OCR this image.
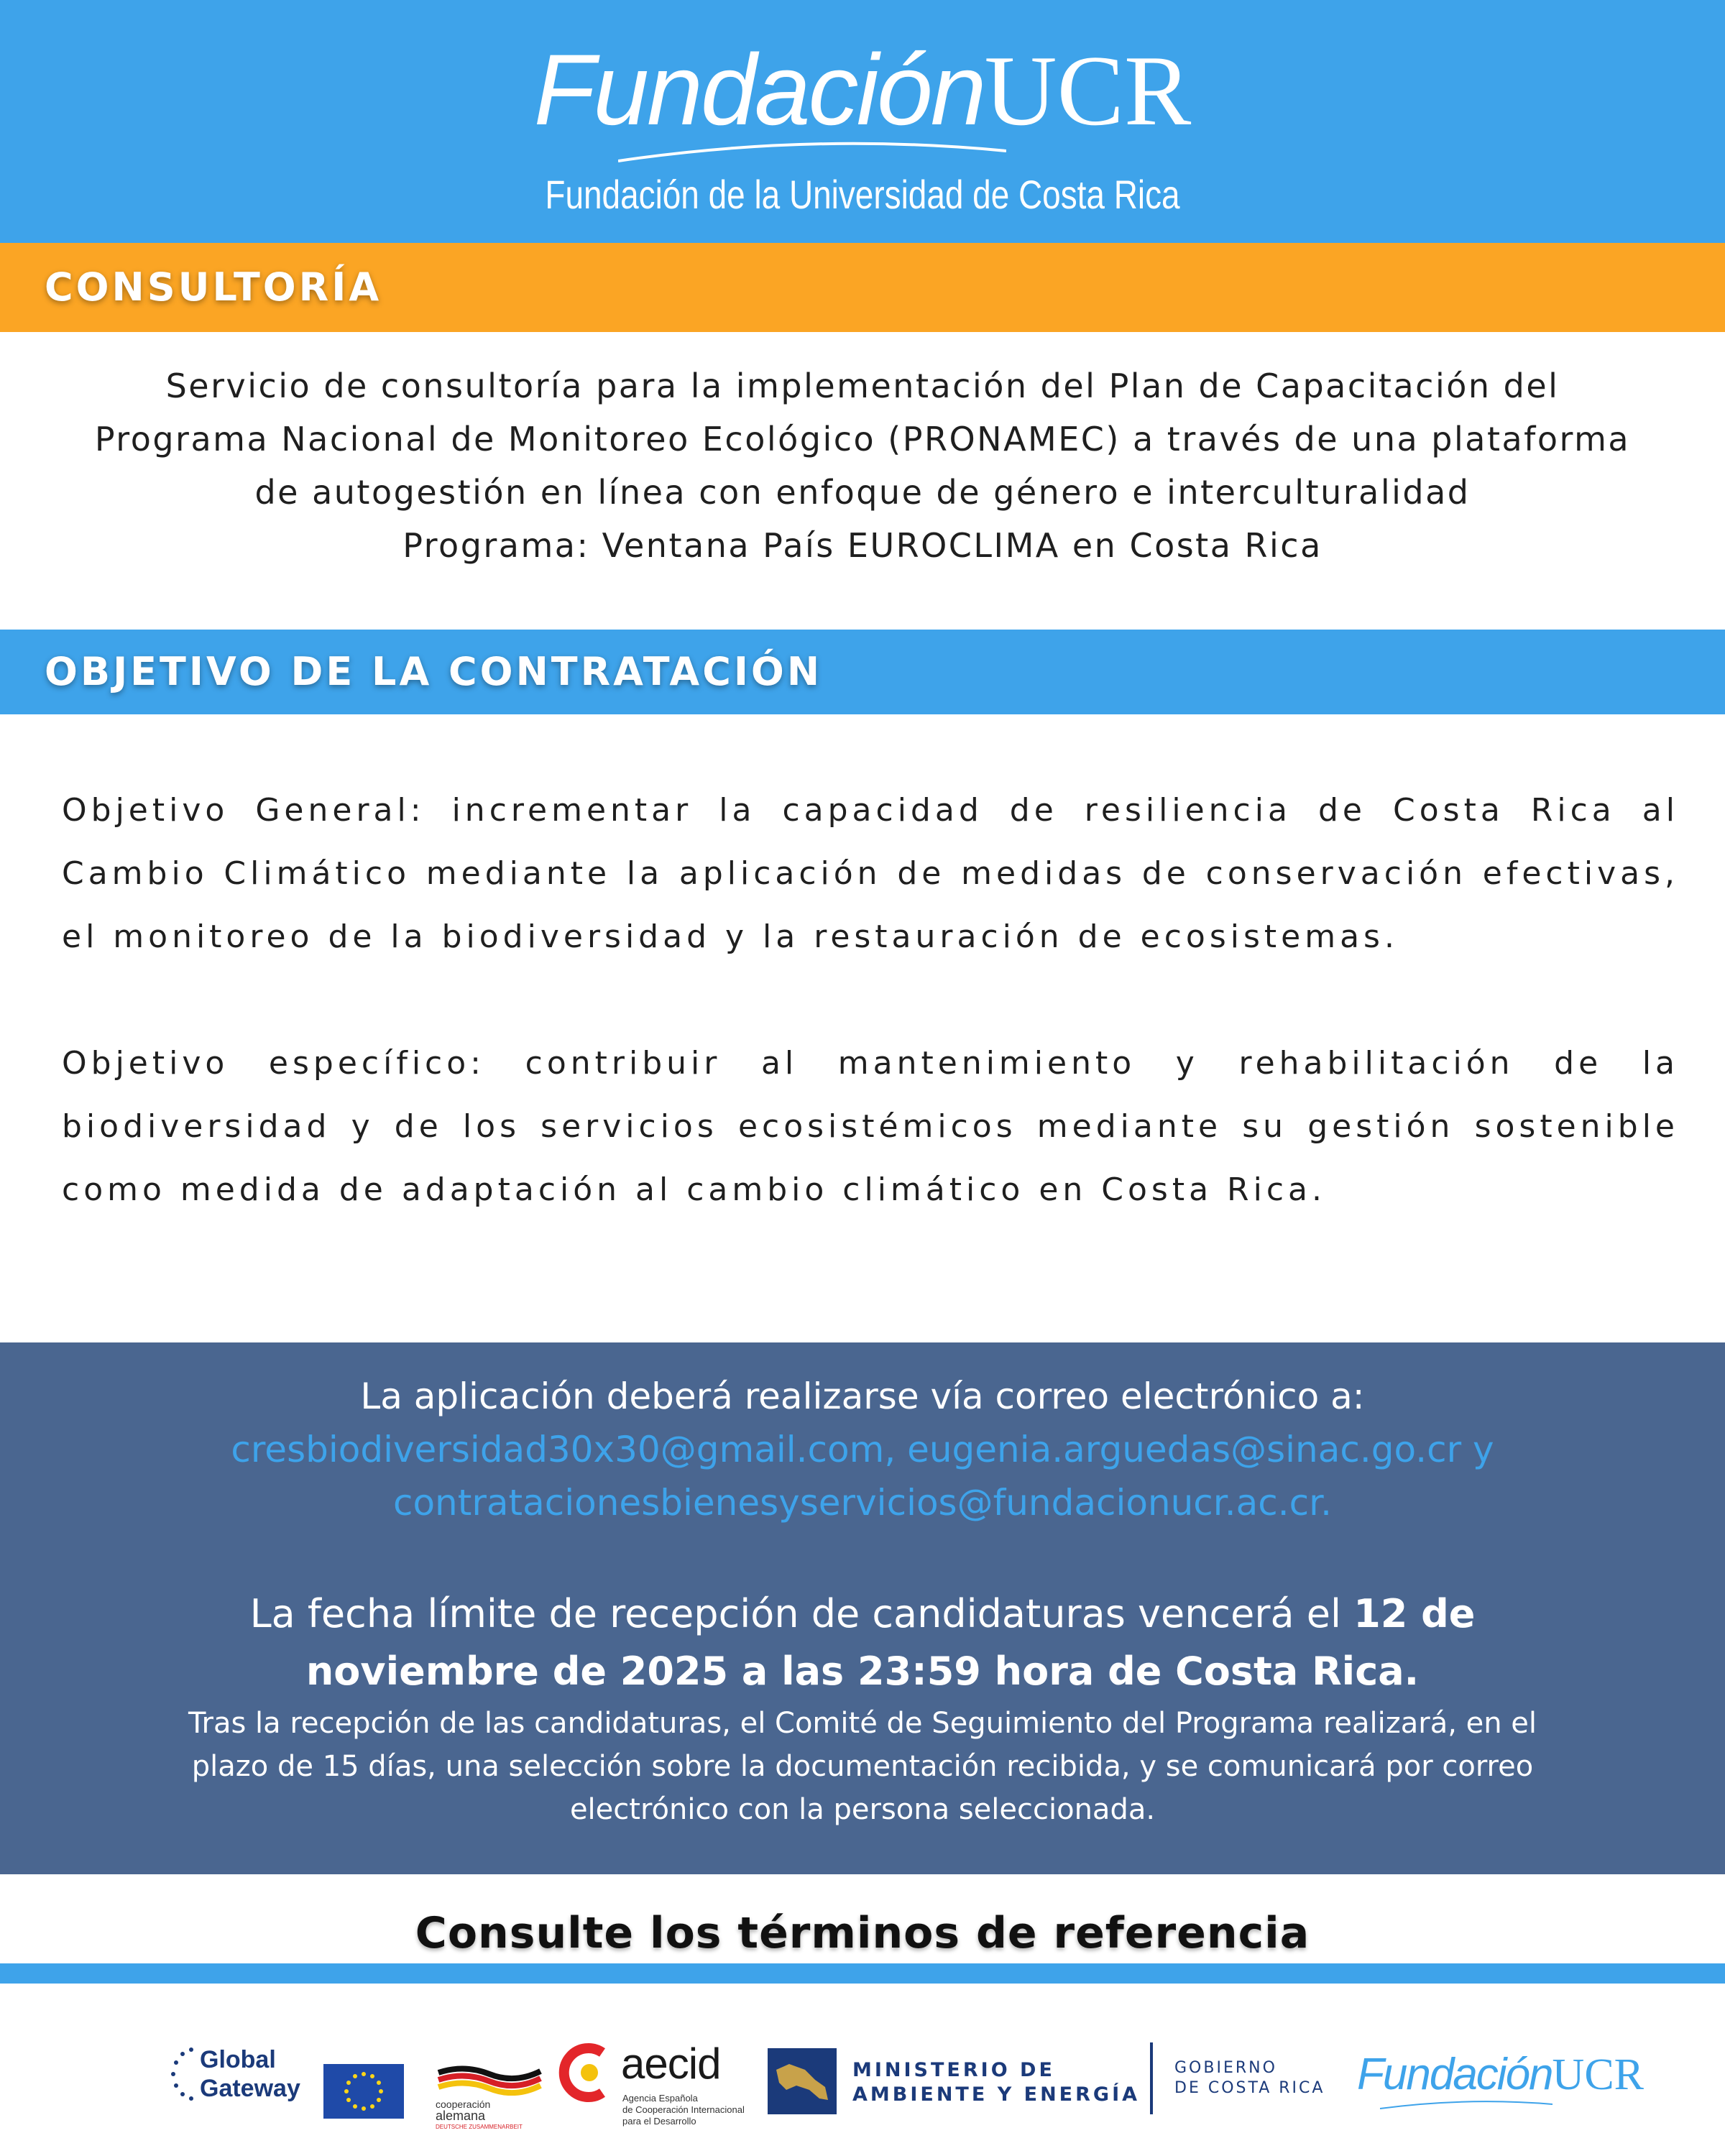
FundaciónUCR
Fundación de la Universidad de Costa Rica
CONSULTORÍA
Servicio de consultoría para la implementación del Plan de Capacitación del
Programa Nacional de Monitoreo Ecológico (PRONAMEC) a través de una plataforma
de autogestión en línea con enfoque de género e interculturalidad
Programa: Ventana País EUROCLIMA en Costa Rica
OBJETIVO DE LA CONTRATACIÓN
Objetivo General: incrementar la capacidad de resiliencia de Costa Rica al Cambio Climático mediante la aplicación de medidas de conservación efectivas, el monitoreo de la biodiversidad y la restauración de ecosistemas.
Objetivo específico: contribuir al mantenimiento y rehabilitación de la biodiversidad y de los servicios ecosistémicos mediante su gestión sostenible como medida de adaptación al cambio climático en Costa Rica.
La aplicación deberá realizarse vía correo electrónico a:
cresbiodiversidad30x30@gmail.com, eugenia.arguedas@sinac.go.cr y
contratacionesbienesyservicios@fundacionucr.ac.cr.
La fecha límite de recepción de candidaturas vencerá el 12 de
noviembre de 2025 a las 23:59 hora de Costa Rica.
Tras la recepción de las candidaturas, el Comité de Seguimiento del Programa realizará, en el
plazo de 15 días, una selección sobre la documentación recibida, y se comunicará por correo
electrónico con la persona seleccionada.
Consulte los términos de referencia
Global
Gateway
cooperación
alemana
DEUTSCHE ZUSAMMENARBEIT
aecid
Agencia Española
de Cooperación Internacional
para el Desarrollo
MINISTERIO DE
AMBIENTE Y ENERGÍA
GOBIERNO
DE COSTA RICA FundaciónUCR
